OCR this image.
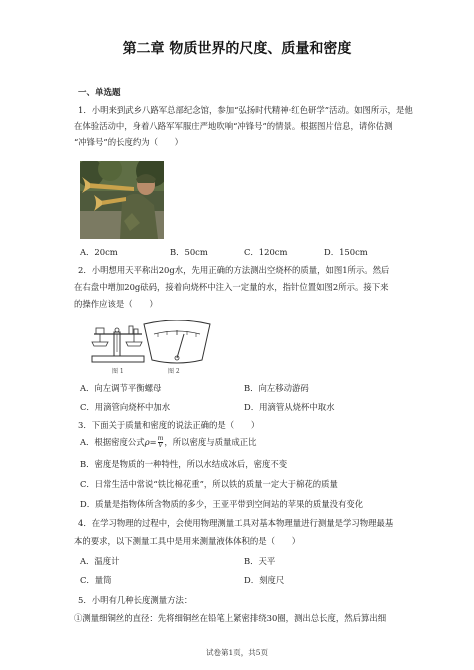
第二章 物质世界的尺度、质量和密度
一、单选题
1．小明来到武乡八路军总部纪念馆，参加“弘扬时代精神·红色研学”活动。如图所示，是他
在体验活动中，身着八路军军服庄严地吹响“冲锋号”的情景。根据图片信息，请你估测
“冲锋号”的长度约为（　　）
A．20cm	B．50cm	C．120cm	D．150cm
2．小明想用天平称出20g水，先用正确的方法测出空烧杯的质量，如图1所示。然后
在右盘中增加20g砝码，接着向烧杯中注入一定量的水，指针位置如图2所示。接下来
的操作应该是（　　）
图 1	图 2
A．向左调节平衡螺母	B．向左移动游码
C．用滴管向烧杯中加水	D．用滴管从烧杯中取水
3．下面关于质量和密度的说法正确的是（　　）
A．根据密度公式$\rho= \frac{m}{V}$ ，所以密度与质量成正比
B．密度是物质的一种特性，所以水结成冰后，密度不变
C．日常生活中常说“铁比棉花重”，所以铁的质量一定大于棉花的质量
D．质量是指物体所含物质的多少，王亚平带到空间站的苹果的质量没有变化
4．在学习物理的过程中，会使用物理测量工具对基本物理量进行测量是学习物理最基
本的要求，以下测量工具中是用来测量液体体积的是（　　）
A．温度计	B．天平
C．量筒	D．刻度尺
5．小明有几种长度测量方法：
①测量细铜丝的直径：先将细铜丝在铅笔上紧密排绕30圈，测出总长度，然后算出细
试卷第1页，共5页
